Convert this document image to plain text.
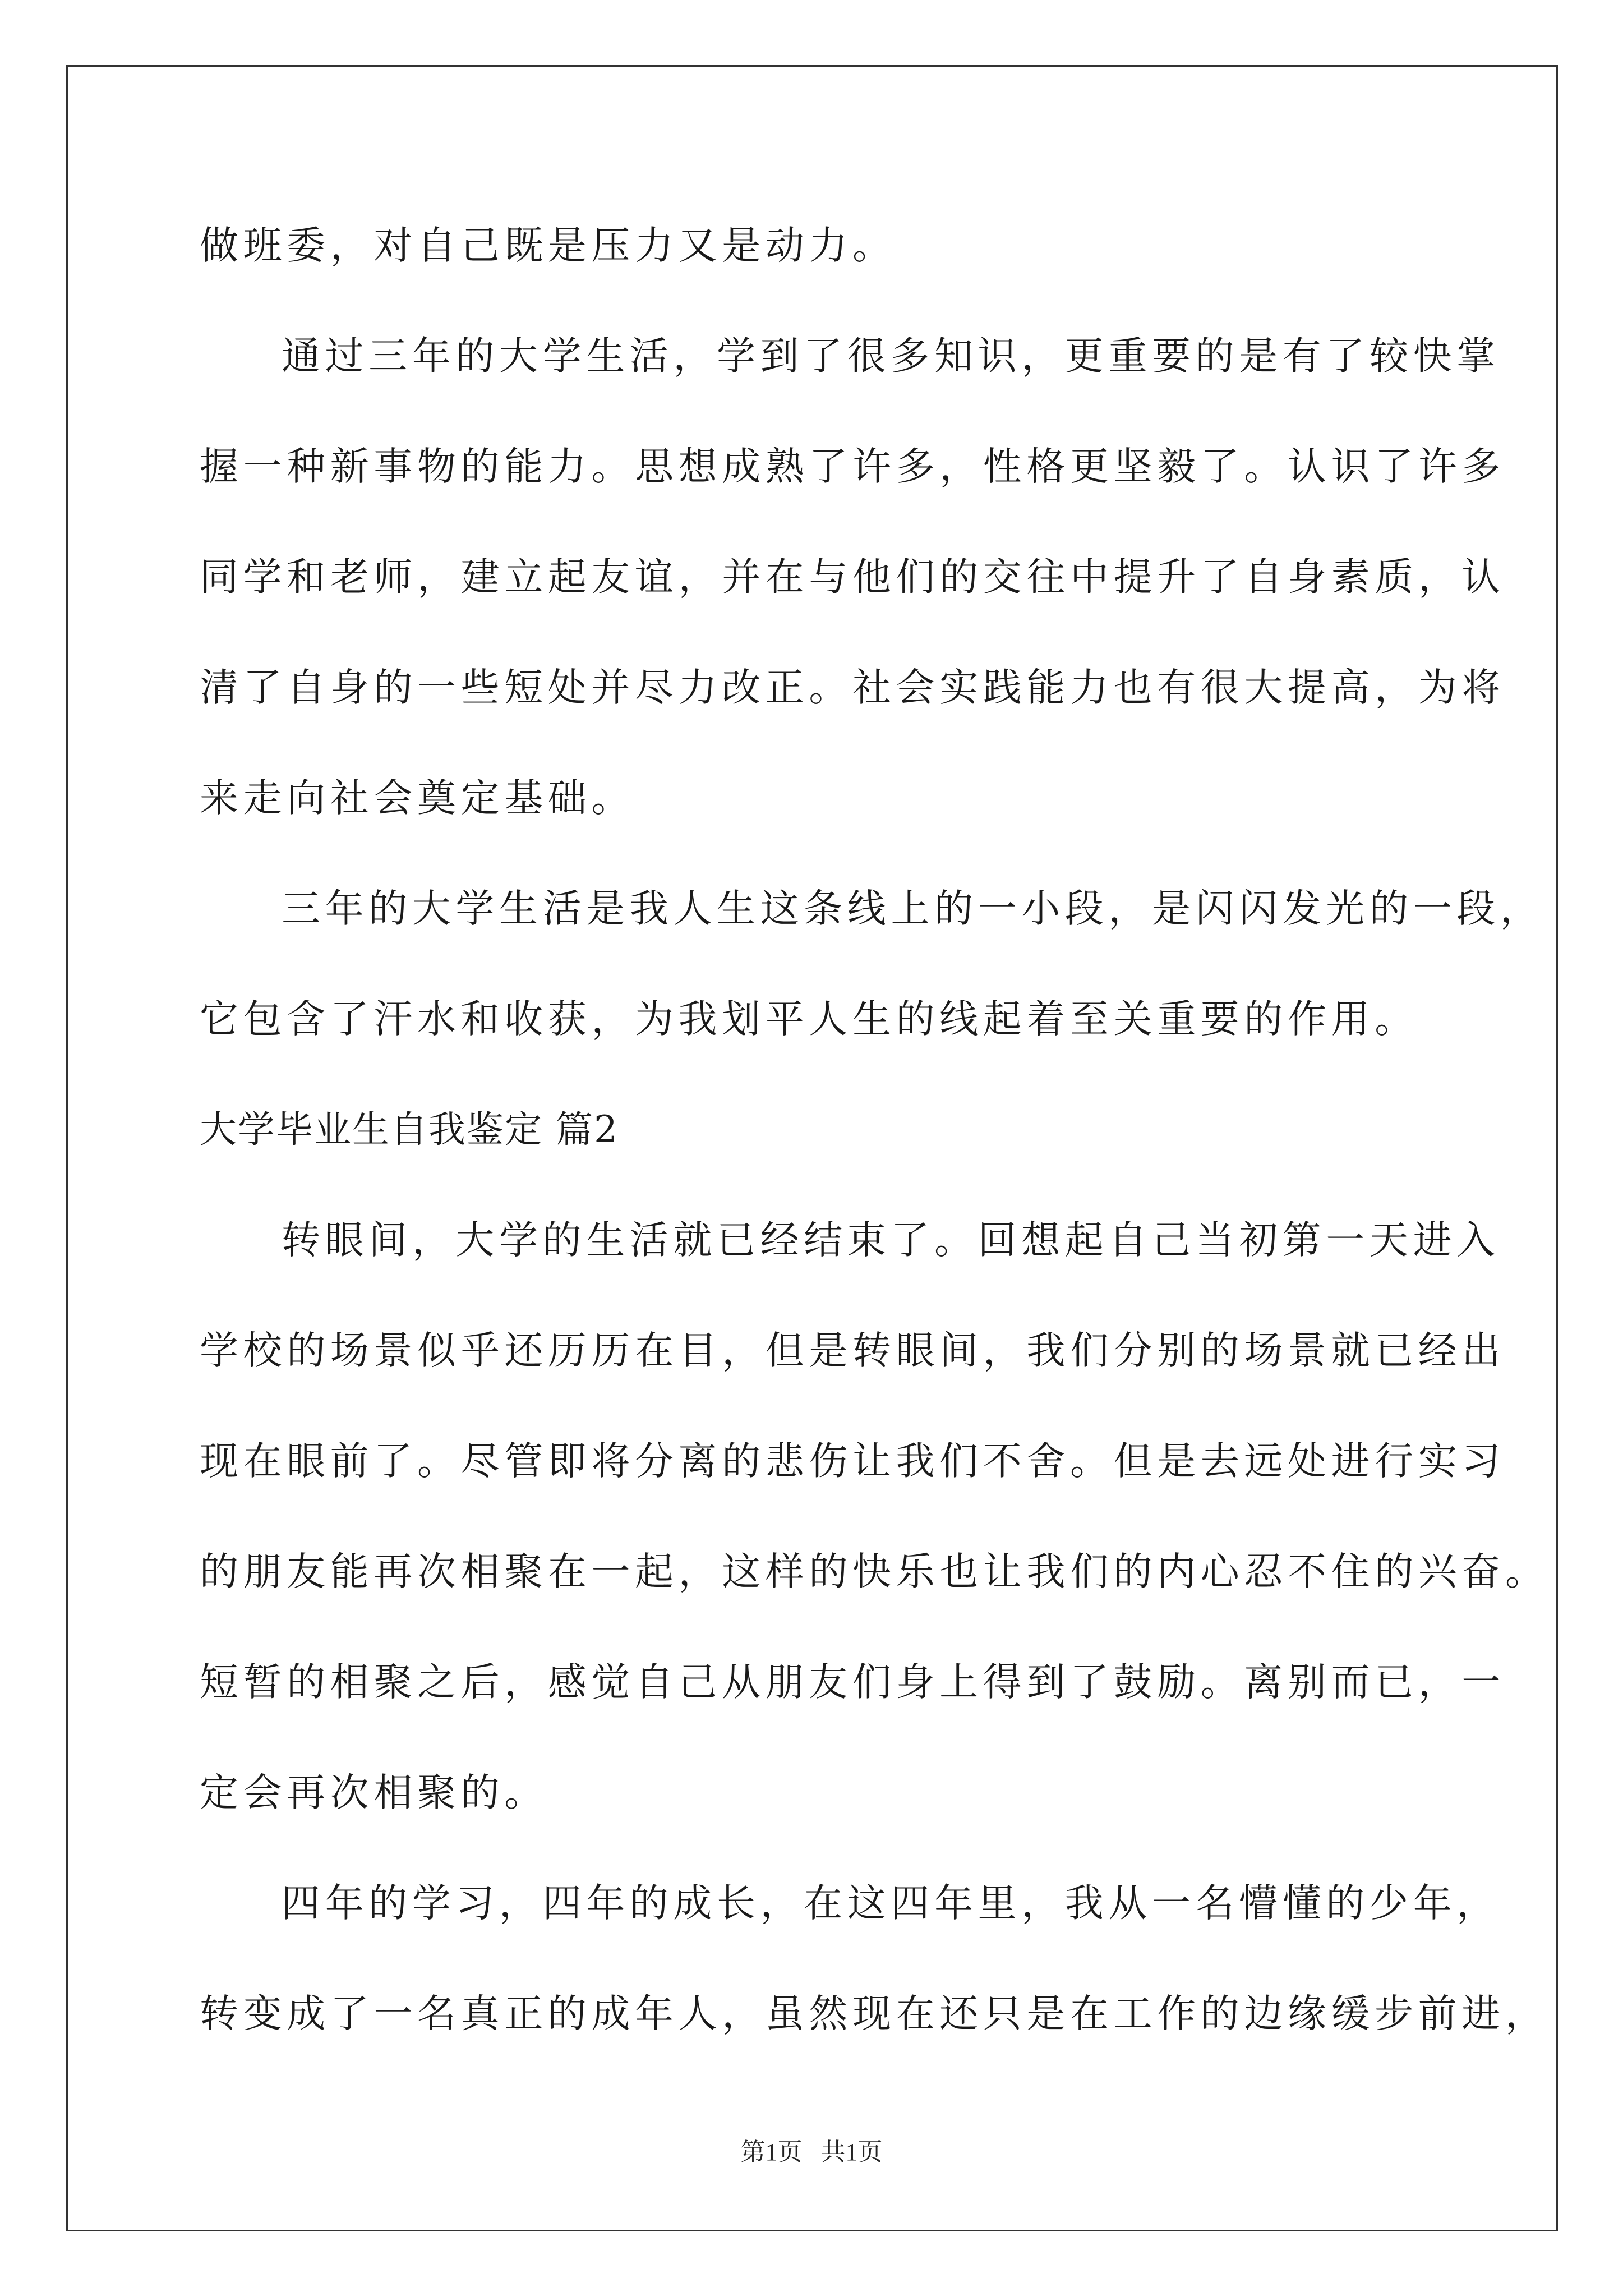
做班委，对自己既是压力又是动力。
通过三年的大学生活，学到了很多知识，更重要的是有了较快掌
握一种新事物的能力。思想成熟了许多，性格更坚毅了。认识了许多
同学和老师，建立起友谊，并在与他们的交往中提升了自身素质，认
清了自身的一些短处并尽力改正。社会实践能力也有很大提高，为将
来走向社会奠定基础。
三年的大学生活是我人生这条线上的一小段，是闪闪发光的一段，
它包含了汗水和收获，为我划平人生的线起着至关重要的作用。
大学毕业生自我鉴定 篇2
转眼间，大学的生活就已经结束了。回想起自己当初第一天进入
学校的场景似乎还历历在目，但是转眼间，我们分别的场景就已经出
现在眼前了。尽管即将分离的悲伤让我们不舍。但是去远处进行实习
的朋友能再次相聚在一起，这样的快乐也让我们的内心忍不住的兴奋。
短暂的相聚之后，感觉自己从朋友们身上得到了鼓励。离别而已，一
定会再次相聚的。
四年的学习，四年的成长，在这四年里，我从一名懵懂的少年，
转变成了一名真正的成年人，虽然现在还只是在工作的边缘缓步前进，
第1页   共1页
